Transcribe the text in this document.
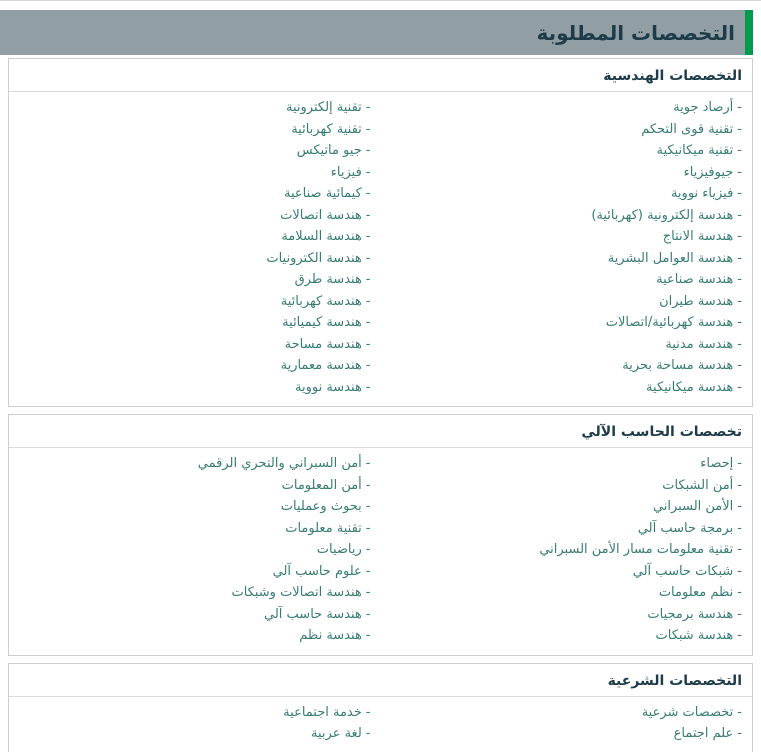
التخصصات المطلوبة
التخصصات الهندسية
-أرصاد جوية
-تقنية إلكترونية
-تقنية قوى التحكم
-تقنية كهربائية
-تقنية ميكانيكية
-جيو ماتيكس
-جيوفيزياء
-فيزياء
-فيزياء نووية
-كيمائية صناعية
-هندسة إلكترونية (كهربائية)
-هندسة اتصالات
-هندسة الانتاج
-هندسة السلامة
-هندسة العوامل البشرية
-هندسة الكترونيات
-هندسة صناعية
-هندسة طرق
-هندسة طيران
-هندسة كهربائية
-هندسة كهربائية/اتصالات
-هندسة كيميائية
-هندسة مدنية
-هندسة مساحة
-هندسة مساحة بحرية
-هندسة معمارية
-هندسة ميكانيكية
-هندسة نووية
تخصصات الحاسب الآلي
-إحصاء
-أمن السبراني والتحري الرقمي
-أمن الشبكات
-أمن المعلومات
-الأمن السبراني
-بحوث وعمليات
-برمجة حاسب آلي
-تقنية معلومات
-تقنية معلومات مسار الأمن السبراني
-رياضيات
-شبكات حاسب آلي
-علوم حاسب آلي
-نظم معلومات
-هندسة اتصالات وشبكات
-هندسة برمجيات
-هندسة حاسب آلي
-هندسة شبكات
-هندسة نظم
التخصصات الشرعية
-تخصصات شرعية
-خدمة اجتماعية
-علم اجتماع
-لغة عربية
